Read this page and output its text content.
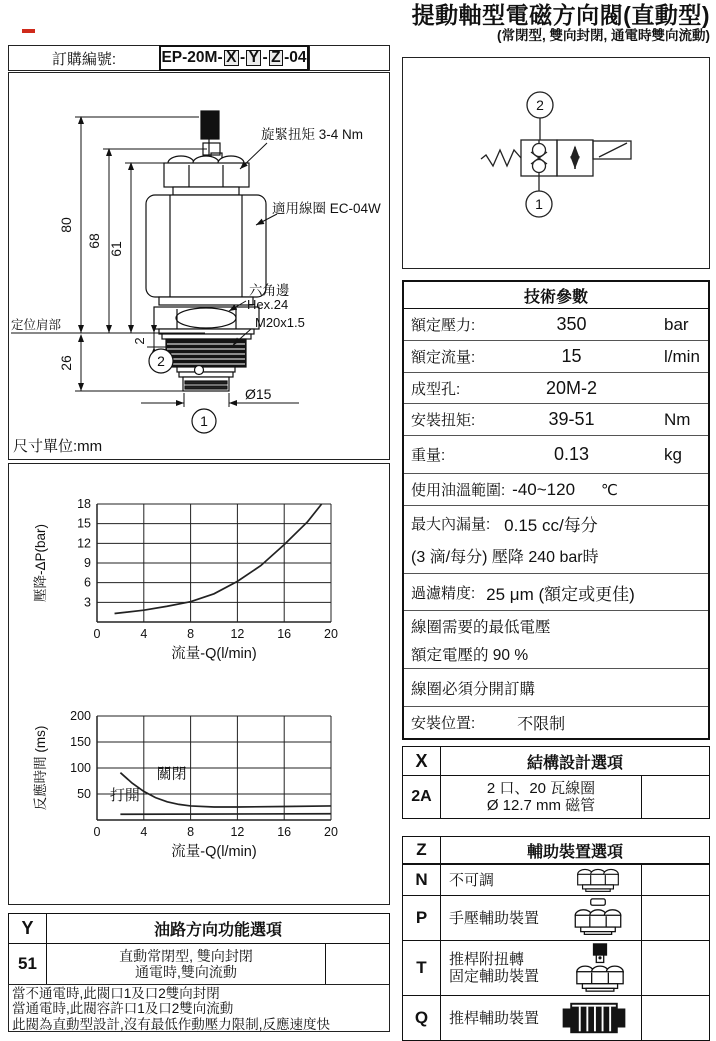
提動軸型電磁方向閥(直動型)
(常閉型, 雙向封閉, 通電時雙向流動)
訂購編號:	EP-20M- X - Y - Z -04
80
68
61
26
2
Ø15
旋緊扭矩 3-4 Nm
適用線圈 EC-04W
六角邊
Hex.24
M20x1.5
定位肩部
尺寸單位:mm
2
1
0	4	8	12	16	20
3
6
9
12
15
18
流量-Q(l/min)
壓降-ΔP(bar)
0	4	8	12	16	20
50
100
150
200
關閉
打開
流量-Q(l/min)
反應時間 (ms)
2
1
技術參數
額定壓力:	350	bar
額定流量:	15	l/min
成型孔:	20M-2
安裝扭矩:	39-51	Nm
重量:	0.13	kg
使用油溫範圍: -40~120 ℃
最大內漏量: 0.15 cc/每分
(3 滴/每分) 壓降 240 bar時
過濾精度: 25 μm (額定或更佳)
線圈需要的最低電壓
額定電壓的 90 %
線圈必須分開訂購
安裝位置:	不限制
X	結構設計選項
2A	2 口、20 瓦線圈
Ø 12.7 mm 磁管
Z	輔助裝置選項
N	不可調
P	手壓輔助裝置
T	推桿附扭轉
固定輔助裝置
Q	推桿輔助裝置
Y	油路方向功能選項
51	直動常閉型, 雙向封閉
通電時,雙向流動
當不通電時,此閥口1及口2雙向封閉
當通電時,此閥容許口1及口2雙向流動
此閥為直動型設計,沒有最低作動壓力限制,反應速度快
